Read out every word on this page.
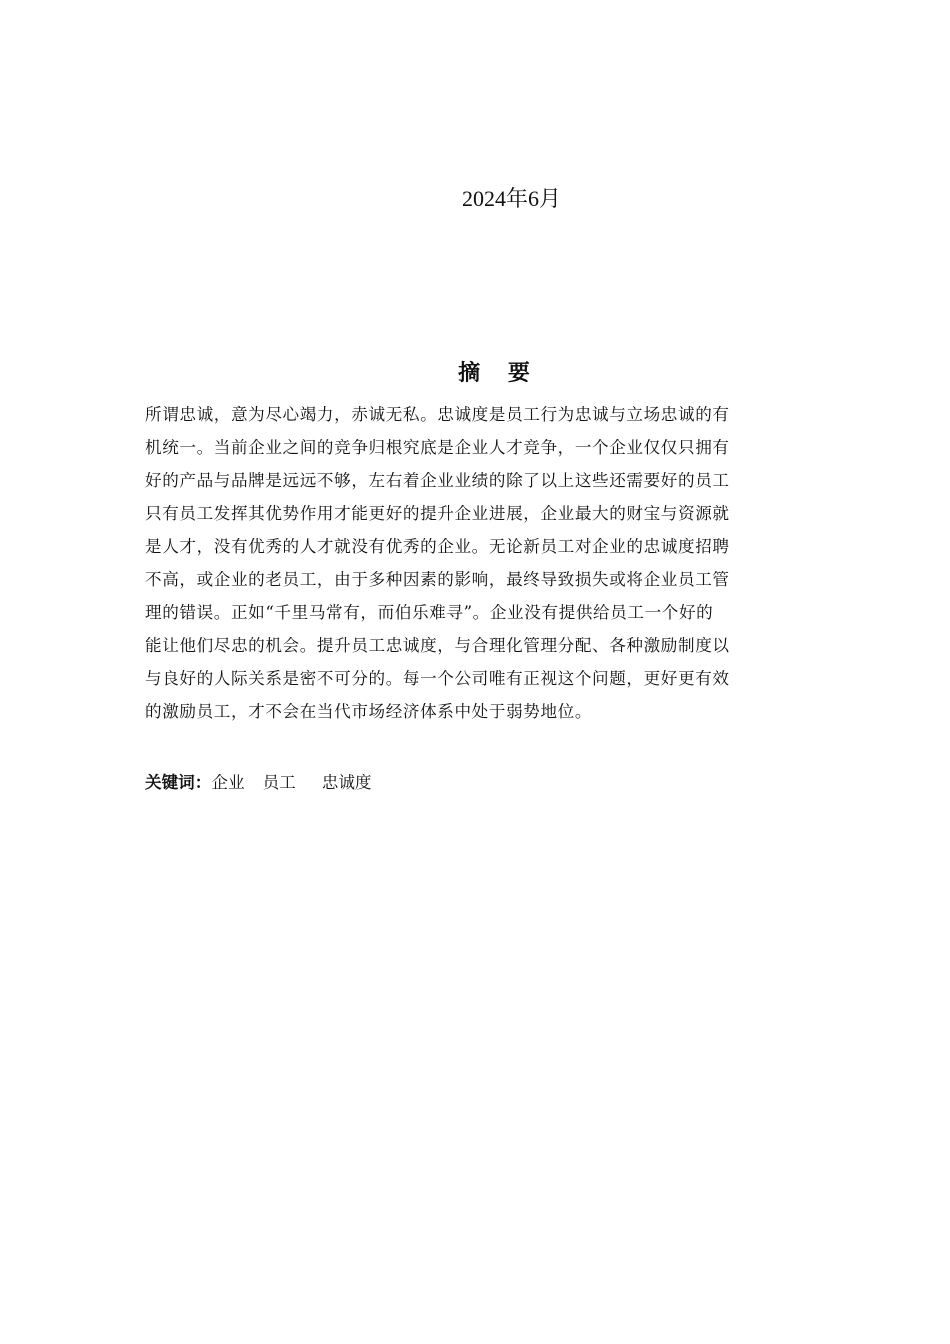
2024年6月
摘 要
所谓忠诚，意为尽心竭力，赤诚无私。忠诚度是员工行为忠诚与立场忠诚的有
机统一。当前企业之间的竞争归根究底是企业人才竞争，一个企业仅仅只拥有
好的产品与品牌是远远不够，左右着企业业绩的除了以上这些还需要好的员工
只有员工发挥其优势作用才能更好的提升企业进展，企业最大的财宝与资源就
是人才，没有优秀的人才就没有优秀的企业。无论新员工对企业的忠诚度招聘
不高，或企业的老员工，由于多种因素的影响，最终导致损失或将企业员工管
理的错误。正如“千里马常有，而伯乐难寻”。企业没有提供给员工一个好的
能让他们尽忠的机会。提升员工忠诚度，与合理化管理分配、各种激励制度以
与良好的人际关系是密不可分的。每一个公司唯有正视这个问题，更好更有效
的激励员工，才不会在当代市场经济体系中处于弱势地位。
关键词：企业 员工 忠诚度
